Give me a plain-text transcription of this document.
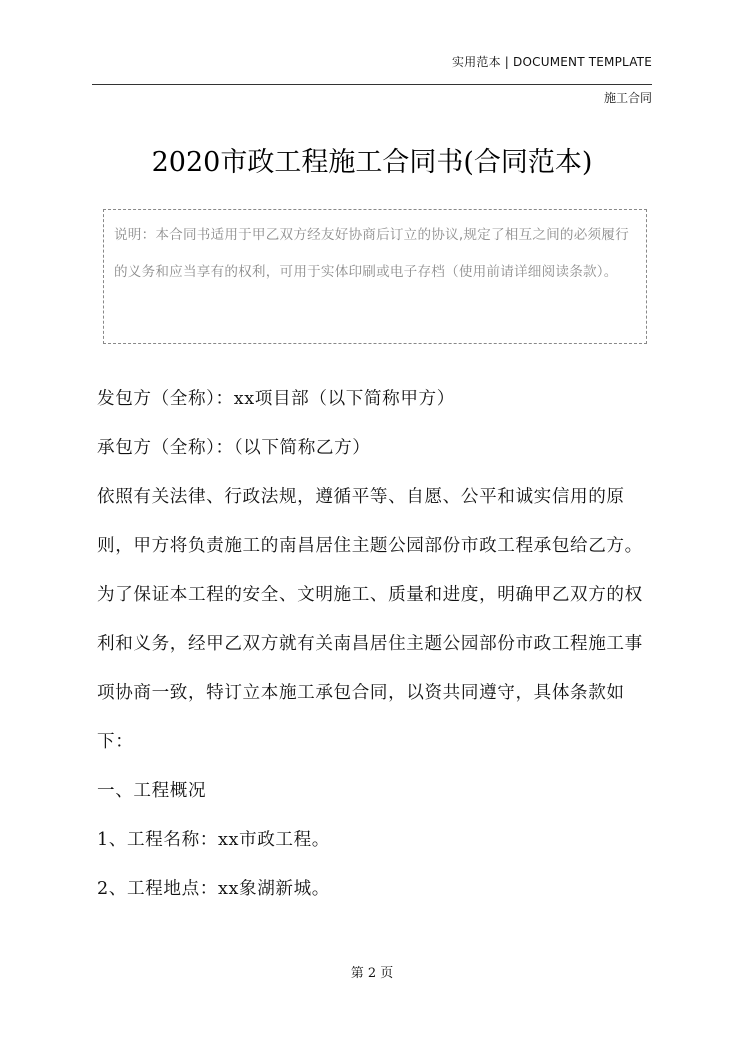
实用范本 | DOCUMENT TEMPLATE
施工合同
2020市政工程施工合同书(合同范本)

说明：本合同书适用于甲乙双方经友好协商后订立的协议,规定了相互之间的必须履行的义务和应当享有的权利，可用于实体印刷或电子存档（使用前请详细阅读条款）。

发包方（全称）：xx项目部（以下简称甲方）

承包方（全称）：（以下简称乙方）

依照有关法律、行政法规，遵循平等、自愿、公平和诚实信用的原则，甲方将负责施工的南昌居住主题公园部份市政工程承包给乙方。为了保证本工程的安全、文明施工、质量和进度，明确甲乙双方的权利和义务，经甲乙双方就有关南昌居住主题公园部份市政工程施工事项协商一致，特订立本施工承包合同，以资共同遵守，具体条款如下：

一、工程概况

1、工程名称：xx市政工程。

2、工程地点：xx象湖新城。

第 2 页
